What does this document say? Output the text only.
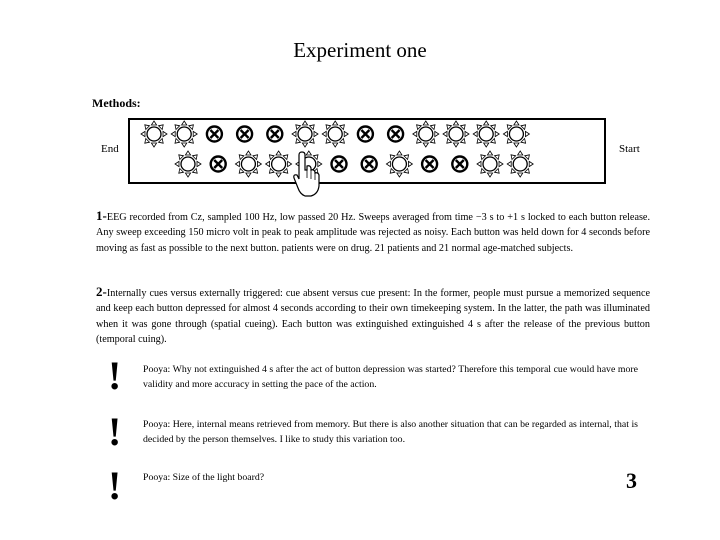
Experiment one
Methods:
End	Start
1-EEG recorded from Cz, sampled 100 Hz, low passed 20 Hz. Sweeps averaged from time −3 s to +1 s locked to each button release. Any sweep exceeding 150 micro volt in peak to peak amplitude was rejected as noisy. Each button was held down for 4 seconds before moving as fast as possible to the next button. patients were on drug. 21 patients and 21 normal age-matched subjects.
2-Internally cues versus externally triggered: cue absent versus cue present: In the former, people must pursue a memorized sequence and keep each button depressed for almost 4 seconds according to their own timekeeping system. In the latter, the path was illuminated when it was gone through (spatial cueing). Each button was extinguished extinguished 4 s after the release of the previous button (temporal cuing).
! Pooya: Why not extinguished 4 s after the act of button depression was started? Therefore this temporal cue would have more validity and more accuracy in setting the pace of the action.
! Pooya: Here, internal means retrieved from memory. But there is also another situation that can be regarded as internal, that is decided by the person themselves. I like to study this variation too.
! Pooya: Size of the light board?	3
